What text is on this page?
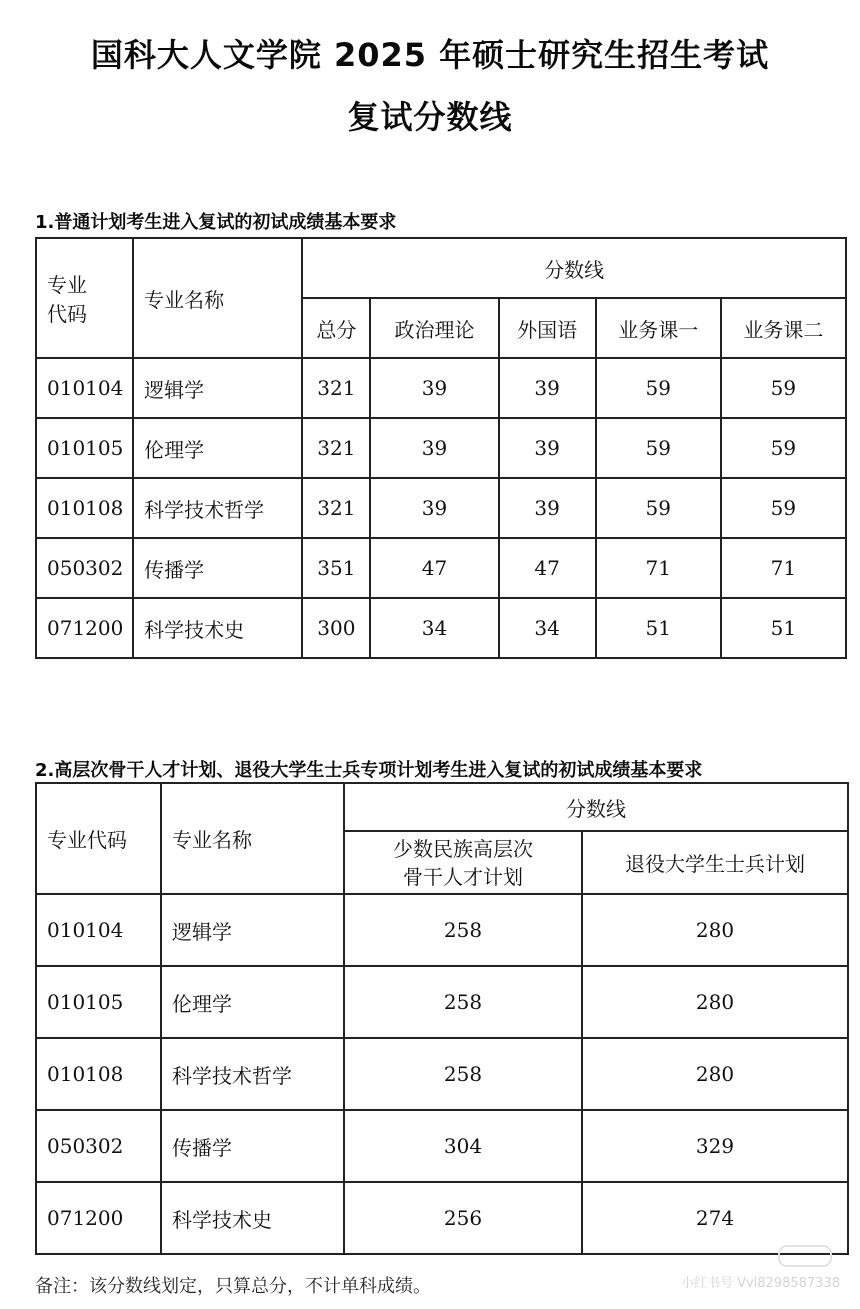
国科大人文学院 2025 年硕士研究生招生考试
复试分数线
1.普通计划考生进入复试的初试成绩基本要求
专业
代码	专业名称	分数线				
		总分	政治理论	外国语	业务课一	业务课二
010104	逻辑学	321	39	39	59	59
010105	伦理学	321	39	39	59	59
010108	科学技术哲学	321	39	39	59	59
050302	传播学	351	47	47	71	71
071200	科学技术史	300	34	34	51	51
2.高层次骨干人才计划、退役大学生士兵专项计划考生进入复试的初试成绩基本要求
专业代码	专业名称	分数线	
		少数民族高层次
骨干人才计划	退役大学生士兵计划
010104	逻辑学	258	280
010105	伦理学	258	280
010108	科学技术哲学	258	280
050302	传播学	304	329
071200	科学技术史	256	274
备注：该分数线划定，只算总分，不计单科成绩。	小红书号 Vvl8298587338
